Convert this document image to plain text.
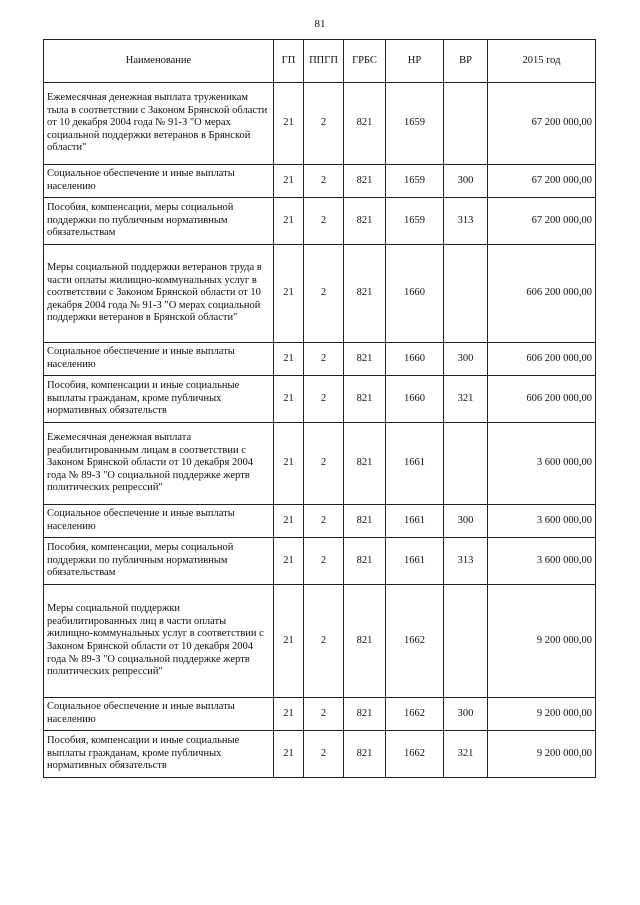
81
Наименование	ГП	ППГП	ГРБС	НР	ВР	2015 год
Ежемесячная денежная выплата труженикам тыла в соответствии с Законом Брянской области от 10 декабря 2004 года № 91-З "О мерах социальной поддержки ветеранов в Брянской области"	21	2	821	1659		67 200 000,00
Социальное обеспечение и иные выплаты населению	21	2	821	1659	300	67 200 000,00
Пособия, компенсации, меры социальной поддержки по публичным нормативным обязательствам	21	2	821	1659	313	67 200 000,00
Меры социальной поддержки ветеранов труда в части оплаты жилищно-коммунальных услуг в соответствии с Законом Брянской области от 10 декабря 2004 года № 91-З "О мерах социальной поддержки ветеранов в Брянской области"	21	2	821	1660		606 200 000,00
Социальное обеспечение и иные выплаты населению	21	2	821	1660	300	606 200 000,00
Пособия, компенсации и иные социальные выплаты гражданам, кроме публичных нормативных обязательств	21	2	821	1660	321	606 200 000,00
Ежемесячная денежная выплата реабилитированным лицам в соответствии с Законом Брянской области от 10 декабря 2004 года № 89-З "О социальной поддержке жертв политических репрессий"	21	2	821	1661		3 600 000,00
Социальное обеспечение и иные выплаты населению	21	2	821	1661	300	3 600 000,00
Пособия, компенсации, меры социальной поддержки по публичным нормативным обязательствам	21	2	821	1661	313	3 600 000,00
Меры социальной поддержки реабилитированных лиц в части оплаты жилищно-коммунальных услуг в соответствии с Законом Брянской области от 10 декабря 2004 года № 89-З "О социальной поддержке жертв политических репрессий"	21	2	821	1662		9 200 000,00
Социальное обеспечение и иные выплаты населению	21	2	821	1662	300	9 200 000,00
Пособия, компенсации и иные социальные выплаты гражданам, кроме публичных нормативных обязательств	21	2	821	1662	321	9 200 000,00
